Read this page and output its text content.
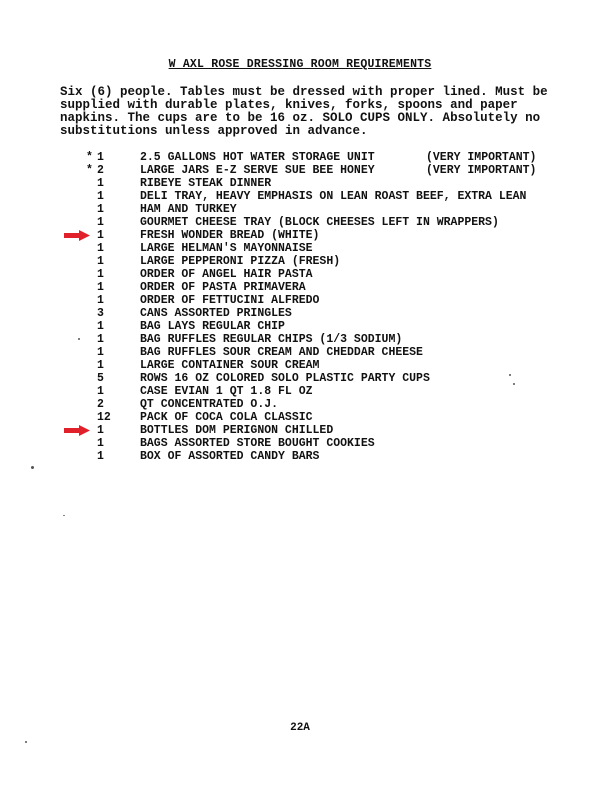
W AXL ROSE DRESSING ROOM REQUIREMENTS
Six (6) people. Tables must be dressed with proper lined. Must be
supplied with durable plates, knives, forks, spoons and paper
napkins. The cups are to be 16 oz. SOLO CUPS ONLY. Absolutely no
substitutions unless approved in advance.
* 1	2.5 GALLONS HOT WATER STORAGE UNIT	(VERY IMPORTANT)
* 2	LARGE JARS E-Z SERVE SUE BEE HONEY	(VERY IMPORTANT)
1	RIBEYE STEAK DINNER
1	DELI TRAY, HEAVY EMPHASIS ON LEAN ROAST BEEF, EXTRA LEAN
1	HAM AND TURKEY
1	GOURMET CHEESE TRAY (BLOCK CHEESES LEFT IN WRAPPERS)
1	FRESH WONDER BREAD (WHITE)
1	LARGE HELMAN'S MAYONNAISE
1	LARGE PEPPERONI PIZZA (FRESH)
1	ORDER OF ANGEL HAIR PASTA
1	ORDER OF PASTA PRIMAVERA
1	ORDER OF FETTUCINI ALFREDO
3	CANS ASSORTED PRINGLES
1	BAG LAYS REGULAR CHIP
1	BAG RUFFLES REGULAR CHIPS (1/3 SODIUM)
1	BAG RUFFLES SOUR CREAM AND CHEDDAR CHEESE
1	LARGE CONTAINER SOUR CREAM
5	ROWS 16 OZ COLORED SOLO PLASTIC PARTY CUPS
1	CASE EVIAN 1 QT 1.8 FL OZ
2	QT CONCENTRATED O.J.
12	PACK OF COCA COLA CLASSIC
1	BOTTLES DOM PERIGNON CHILLED
1	BAGS ASSORTED STORE BOUGHT COOKIES
1	BOX OF ASSORTED CANDY BARS
22A
